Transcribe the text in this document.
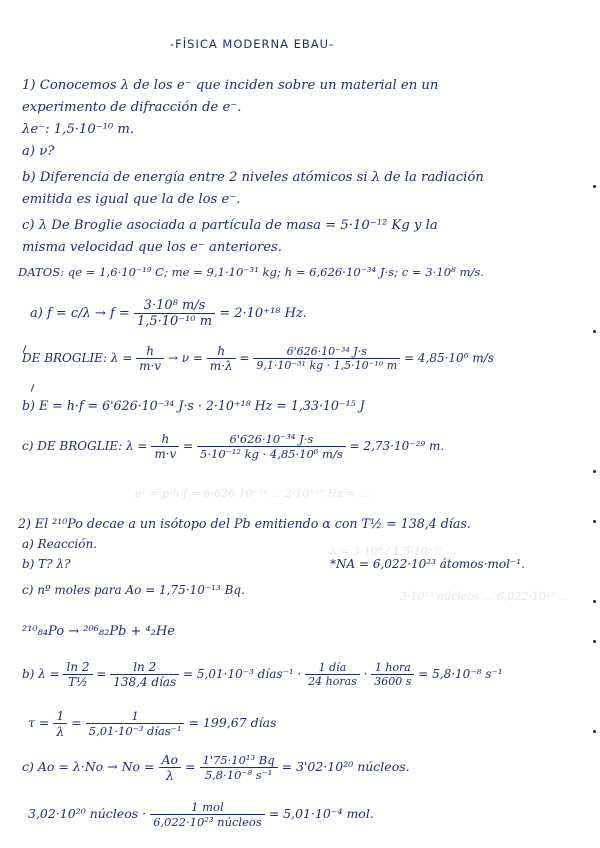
e¹ = p·h·f = 6·626·10⁻³⁴ ... 2·10⁺¹⁸ Hz = ...
λ = 3·10⁸ / 1,5·10⁻¹⁰ ...
3·10¹³ núcleos ... 6,022·10²³ ...
-FÍSICA MODERNA EBAU-
1) Conocemos λ de los e⁻ que inciden sobre un material en un
experimento de difracción de e⁻.
λe⁻: 1,5·10⁻¹⁰ m.
a) ν?
b) Diferencia de energía entre 2 niveles atómicos si λ de la radiación
emitida es igual que la de los e⁻.
c) λ De Broglie asociada a partícula de masa = 5·10⁻¹² Kg y la
misma velocidad que los e⁻ anteriores.
DATOS: qe = 1,6·10⁻¹⁹ C; me = 9,1·10⁻³¹ kg; h = 6,626·10⁻³⁴ J·s; c = 3·10⁸ m/s.
a) $f = c/\lambda \to f = \frac{\text{3·10⁸ m/s}}{\text{1,5·10⁻¹⁰ m}} = 2\cdot 10^{+18}$ Hz.
DE BROGLIE: $\lambda = \frac{h}{m\cdot v} \to \nu = \frac{h}{m\cdot\lambda} = \frac{\text{6'626·10⁻³⁴ J·s}}{\text{9,1·10⁻³¹ kg · 1,5·10⁻¹⁰ m}} = 4,85\cdot 10^6$ m/s
b) E = h·f = 6'626·10⁻³⁴ J·s · 2·10⁺¹⁸ Hz = 1,33·10⁻¹⁵ J
c) DE BROGLIE: $\lambda = \frac{h}{m\cdot v} = \frac{\text{6'626·10⁻³⁴ J·s}}{\text{5·10⁻¹² kg · 4,85·10⁶ m/s}} = 2,73\cdot 10^{-29}$ m.
2) El ²¹⁰Po decae a un isótopo del Pb emitiendo α con T½ = 138,4 días.
a) Reacción.
b) T? λ?	*NA = 6,022·10²³ átomos·mol⁻¹.
c) nº moles para Ao = 1,75·10⁻¹³ Bq.
²¹⁰₈₄Po → ²⁰⁶₈₂Pb + ⁴₂He
b) $\lambda = \frac{\ln 2}{\text{T½}} = \frac{\ln 2}{\text{138,4 días}} = 5,01\cdot 10^{-3}$ días⁻¹ · $\frac{\text{1 día}}{\text{24 horas}} \cdot \frac{\text{1 hora}}{3600 s} = 5,8\cdot 10^{-8}$ s⁻¹
$\tau = \frac{1}{\lambda} = \frac{1}{\text{5,01·10⁻³ días⁻¹}} = 199,67$ días
c) $Ao = \lambda\cdot No \to No = \frac{Ao}{\lambda} = \frac{\text{1'75·10¹³ Bq}}{\text{5,8·10⁻⁸ s⁻¹}} = 3'02\cdot 10^{20}$ núcleos.
3,02·10²⁰ núcleos · $\frac{\text{1 mol}}{\text{6,022·10²³ núcleos}} = 5,01\cdot 10^{-4}$ mol.
